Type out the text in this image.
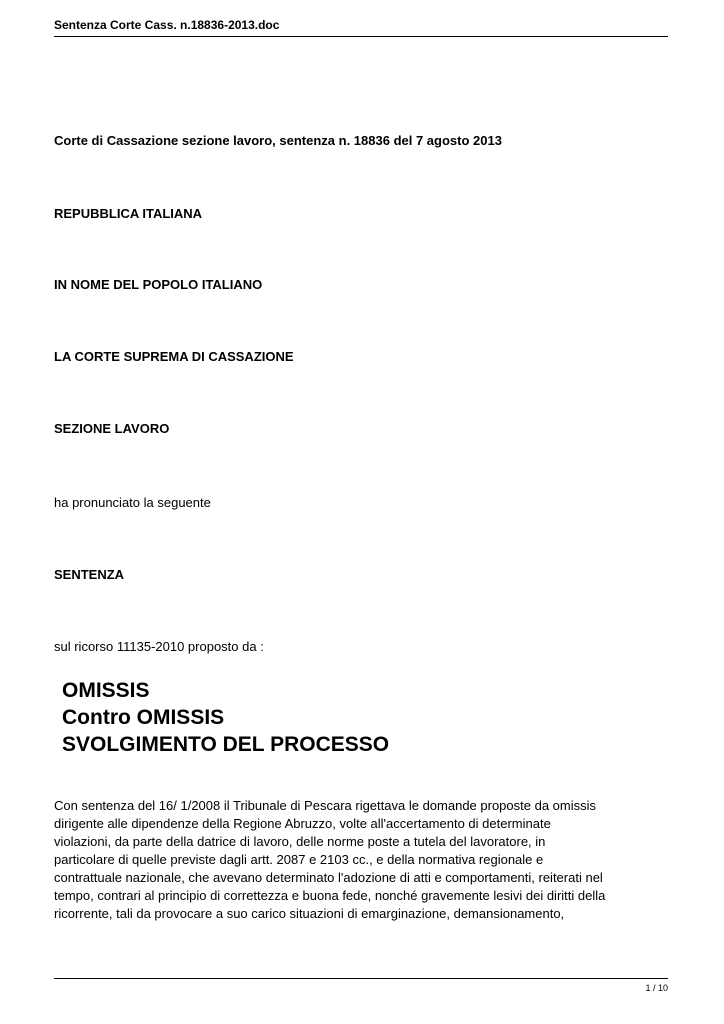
Sentenza Corte Cass. n.18836-2013.doc
Corte di Cassazione sezione lavoro, sentenza n. 18836 del 7 agosto 2013
REPUBBLICA ITALIANA
IN NOME DEL POPOLO ITALIANO
LA CORTE SUPREMA DI CASSAZIONE
SEZIONE LAVORO
ha pronunciato la seguente
SENTENZA
sul ricorso 11135-2010 proposto da :
OMISSIS
Contro OMISSIS
SVOLGIMENTO DEL PROCESSO
Con sentenza del 16/ 1/2008 il Tribunale di Pescara rigettava le domande proposte da omissis
dirigente alle dipendenze della Regione Abruzzo, volte all'accertamento di determinate
violazioni, da parte della datrice di lavoro, delle norme poste a tutela del lavoratore, in
particolare di quelle previste dagli artt. 2087 e 2103 cc., e della normativa regionale e
contrattuale nazionale, che avevano determinato l'adozione di atti e comportamenti, reiterati nel
tempo, contrari al principio di correttezza e buona fede, nonché gravemente lesivi dei diritti della
ricorrente, tali da provocare a suo carico situazioni di emarginazione, demansionamento,
1 / 10
